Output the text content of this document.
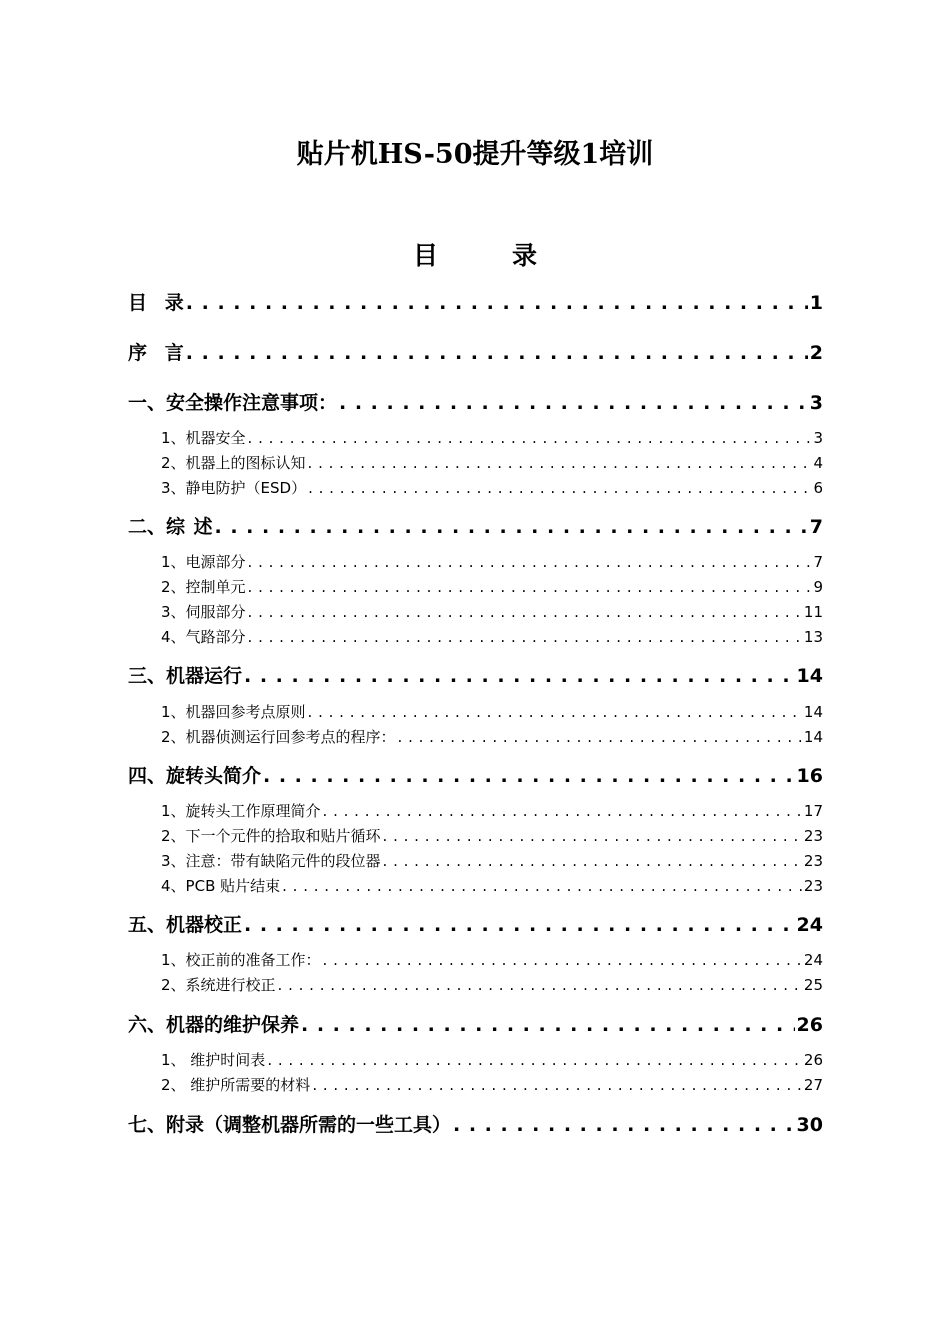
贴片机HS-50提升等级1培训
目	录
目 录 . . .	1
序 言 . . .	2
一、安全操作注意事项： . . .	3
1、机器安全 . . .	3
2、机器上的图标认知 . . .	4
3、静电防护（ESD） . . .	6
二、综 述 . . .	7
1、电源部分 . . .	7
2、控制单元 . . .	9
3、伺服部分 . . .	11
4、气路部分 . . .	13
三、机器运行 . . .	14
1、机器回参考点原则 . . .	14
2、机器侦测运行回参考点的程序： . . .	14
四、旋转头简介 . . .	16
1、旋转头工作原理简介 . . .	17
2、下一个元件的拾取和贴片循环 . . .	23
3、注意：带有缺陷元件的段位器 . . .	23
4、PCB 贴片结束 . . .	23
五、机器校正 . . .	24
1、校正前的准备工作： . . .	24
2、系统进行校正 . . .	25
六、机器的维护保养 . . .	26
1、 维护时间表 . . .	26
2、 维护所需要的材料 . . .	27
七、附录（调整机器所需的一些工具） . . .	30
